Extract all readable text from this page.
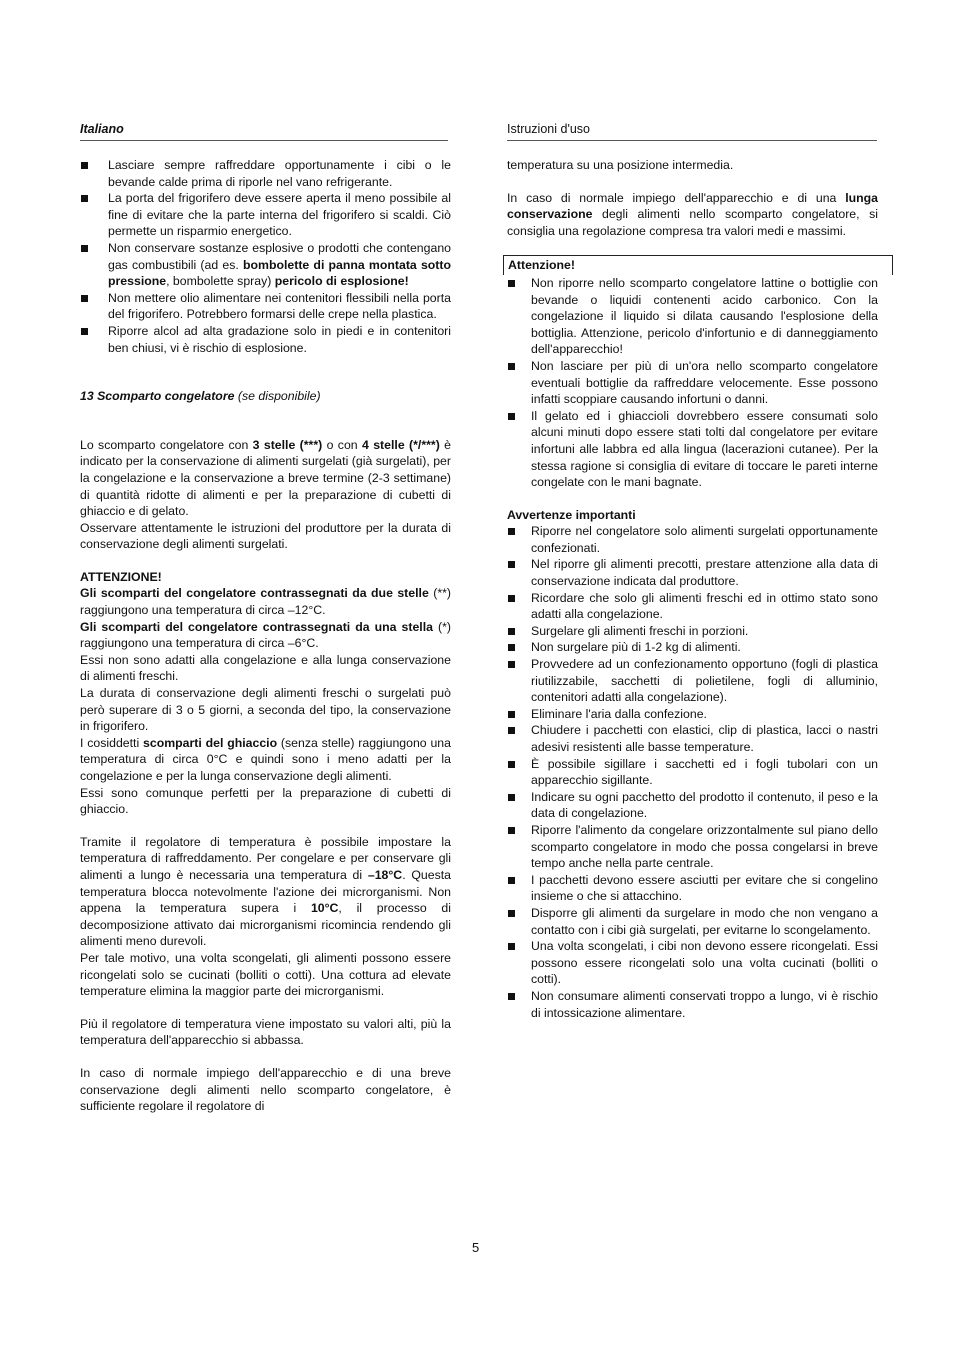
Italiano	Istruzioni d'uso
Lasciare sempre raffreddare opportunamente i cibi o le bevande calde prima di riporle nel vano refrigerante.
La porta del frigorifero deve essere aperta il meno possibile al fine di evitare che la parte interna del frigorifero si scaldi. Ciò permette un risparmio energetico.
Non conservare sostanze esplosive o prodotti che contengano gas combustibili (ad es. bombolette di panna montata sotto pressione, bombolette spray) pericolo di esplosione!
Non mettere olio alimentare nei contenitori flessibili nella porta del frigorifero. Potrebbero formarsi delle crepe nella plastica.
Riporre alcol ad alta gradazione solo in piedi e in contenitori ben chiusi, vi è rischio di esplosione.

13 Scomparto congelatore (se disponibile)

Lo scomparto congelatore con 3 stelle (***) o con 4 stelle (*/***) è indicato per la conservazione di alimenti surgelati (già surgelati), per la congelazione e la conservazione a breve termine (2-3 settimane) di quantità ridotte di alimenti e per la preparazione di cubetti di ghiaccio e di gelato.

Osservare attentamente le istruzioni del produttore per la durata di conservazione degli alimenti surgelati.

ATTENZIONE!

Gli scomparti del congelatore contrassegnati da due stelle (**) raggiungono una temperatura di circa –12°C.

Gli scomparti del congelatore contrassegnati da una stella (*) raggiungono una temperatura di circa –6°C.

Essi non sono adatti alla congelazione e alla lunga conservazione di alimenti freschi.

La durata di conservazione degli alimenti freschi o surgelati può però superare di 3 o 5 giorni, a seconda del tipo, la conservazione in frigorifero.

I cosiddetti scomparti del ghiaccio (senza stelle) raggiungono una temperatura di circa 0°C e quindi sono i meno adatti per la congelazione e per la lunga conservazione degli alimenti.

Essi sono comunque perfetti per la preparazione di cubetti di ghiaccio.

Tramite il regolatore di temperatura è possibile impostare la temperatura di raffreddamento. Per congelare e per conservare gli alimenti a lungo è necessaria una temperatura di –18°C. Questa temperatura blocca notevolmente l'azione dei microrganismi. Non appena la temperatura supera i 10°C, il processo di decomposizione attivato dai microrganismi ricomincia rendendo gli alimenti meno durevoli.

Per tale motivo, una volta scongelati, gli alimenti possono essere ricongelati solo se cucinati (bolliti o cotti). Una cottura ad elevate temperature elimina la maggior parte dei microrganismi.

Più il regolatore di temperatura viene impostato su valori alti, più la temperatura dell'apparecchio si abbassa.

In caso di normale impiego dell'apparecchio e di una breve conservazione degli alimenti nello scomparto congelatore, è sufficiente regolare il regolatore di

temperatura su una posizione intermedia.

In caso di normale impiego dell'apparecchio e di una lunga conservazione degli alimenti nello scomparto congelatore, si consiglia una regolazione compresa tra valori medi e massimi.

Attenzione!
Non riporre nello scomparto congelatore lattine o bottiglie con bevande o liquidi contenenti acido carbonico. Con la congelazione il liquido si dilata causando l'esplosione della bottiglia. Attenzione, pericolo d'infortunio e di danneggiamento dell'apparecchio!
Non lasciare per più di un'ora nello scomparto congelatore eventuali bottiglie da raffreddare velocemente. Esse possono infatti scoppiare causando infortuni o danni.
Il gelato ed i ghiaccioli dovrebbero essere consumati solo alcuni minuti dopo essere stati tolti dal congelatore per evitare infortuni alle labbra ed alla lingua (lacerazioni cutanee). Per la stessa ragione si consiglia di evitare di toccare le pareti interne congelate con le mani bagnate.

Avvertenze importanti

Riporre nel congelatore solo alimenti surgelati opportunamente confezionati.
Nel riporre gli alimenti precotti, prestare attenzione alla data di conservazione indicata dal produttore.
Ricordare che solo gli alimenti freschi ed in ottimo stato sono adatti alla congelazione.
Surgelare gli alimenti freschi in porzioni.
Non surgelare più di 1-2 kg di alimenti.
Provvedere ad un confezionamento opportuno (fogli di plastica riutilizzabile, sacchetti di polietilene, fogli di alluminio, contenitori adatti alla congelazione).
Eliminare l'aria dalla confezione.
Chiudere i pacchetti con elastici, clip di plastica, lacci o nastri adesivi resistenti alle basse temperature.
È possibile sigillare i sacchetti ed i fogli tubolari con un apparecchio sigillante.
Indicare su ogni pacchetto del prodotto il contenuto, il peso e la data di congelazione.
Riporre l'alimento da congelare orizzontalmente sul piano dello scomparto congelatore in modo che possa congelarsi in breve tempo anche nella parte centrale.
I pacchetti devono essere asciutti per evitare che si congelino insieme o che si attacchino.
Disporre gli alimenti da surgelare in modo che non vengano a contatto con i cibi già surgelati, per evitarne lo scongelamento.
Una volta scongelati, i cibi non devono essere ricongelati. Essi possono essere ricongelati solo una volta cucinati (bolliti o cotti).
Non consumare alimenti conservati troppo a lungo, vi è rischio di intossicazione alimentare.
5
